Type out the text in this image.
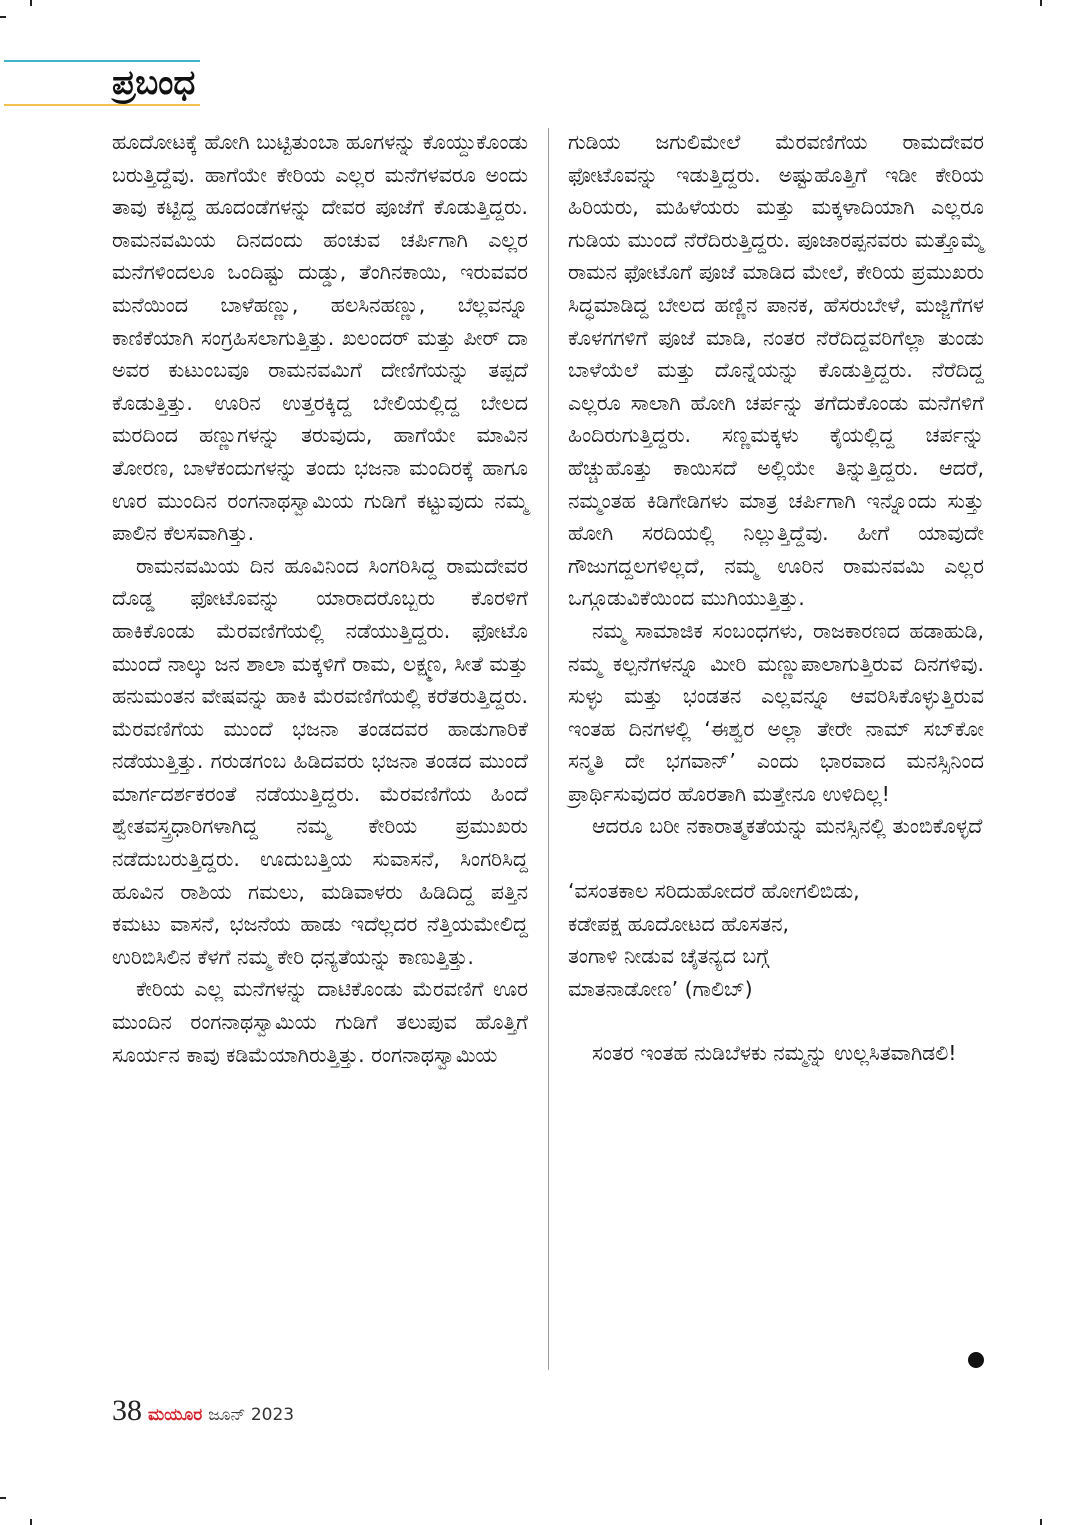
ಪ್ರಬಂಧ

ಹೂದೋಟಕ್ಕೆ ಹೋಗಿ ಬುಟ್ಟಿತುಂಬಾ ಹೂಗಳನ್ನು ಕೊಯ್ದುಕೊಂಡು ಬರುತ್ತಿದ್ದೆವು. ಹಾಗೆಯೇ ಕೇರಿಯ ಎಲ್ಲರ ಮನೆಗಳವರೂ ಅಂದು ತಾವು ಕಟ್ಟಿದ್ದ ಹೂದಂಡೆಗಳನ್ನು ದೇವರ ಪೂಜೆಗೆ ಕೊಡುತ್ತಿದ್ದರು. ರಾಮನವಮಿಯ ದಿನದಂದು ಹಂಚುವ ಚರ್ಪಿಗಾಗಿ ಎಲ್ಲರ ಮನೆಗಳಿಂದಲೂ ಒಂದಿಷ್ಟು ದುಡ್ಡು, ತೆಂಗಿನಕಾಯಿ, ಇರುವವರ ಮನೆಯಿಂದ ಬಾಳೆಹಣ್ಣು, ಹಲಸಿನಹಣ್ಣು, ಬೆಲ್ಲವನ್ನೂ ಕಾಣಿಕೆಯಾಗಿ ಸಂಗ್ರಹಿಸಲಾಗುತ್ತಿತ್ತು. ಖಲಂದರ್ ಮತ್ತು ಪೀರ್ ದಾ ಅವರ ಕುಟುಂಬವೂ ರಾಮನವಮಿಗೆ ದೇಣಿಗೆಯನ್ನು ತಪ್ಪದೆ ಕೊಡುತ್ತಿತ್ತು. ಊರಿನ ಉತ್ತರಕ್ಕಿದ್ದ ಬೇಲಿಯಲ್ಲಿದ್ದ ಬೇಲದ ಮರದಿಂದ ಹಣ್ಣುಗಳನ್ನು ತರುವುದು, ಹಾಗೆಯೇ ಮಾವಿನ ತೋರಣ, ಬಾಳೆಕಂದುಗಳನ್ನು ತಂದು ಭಜನಾ ಮಂದಿರಕ್ಕೆ ಹಾಗೂ ಊರ ಮುಂದಿನ ರಂಗನಾಥಸ್ವಾಮಿಯ ಗುಡಿಗೆ ಕಟ್ಟುವುದು ನಮ್ಮ ಪಾಲಿನ ಕೆಲಸವಾಗಿತ್ತು.

ರಾಮನವಮಿಯ ದಿನ ಹೂವಿನಿಂದ ಸಿಂಗರಿಸಿದ್ದ ರಾಮದೇವರ ದೊಡ್ಡ ಫೋಟೊವನ್ನು ಯಾರಾದರೊಬ್ಬರು ಕೊರಳಿಗೆ ಹಾಕಿಕೊಂಡು ಮೆರವಣಿಗೆಯಲ್ಲಿ ನಡೆಯುತ್ತಿದ್ದರು. ಫೋಟೊ ಮುಂದೆ ನಾಲ್ಕು ಜನ ಶಾಲಾ ಮಕ್ಕಳಿಗೆ ರಾಮ, ಲಕ್ಷ್ಮಣ, ಸೀತೆ ಮತ್ತು ಹನುಮಂತನ ವೇಷವನ್ನು ಹಾಕಿ ಮೆರವಣಿಗೆಯಲ್ಲಿ ಕರೆತರುತ್ತಿದ್ದರು. ಮೆರವಣಿಗೆಯ ಮುಂದೆ ಭಜನಾ ತಂಡದವರ ಹಾಡುಗಾರಿಕೆ ನಡೆಯುತ್ತಿತ್ತು. ಗರುಡಗಂಬ ಹಿಡಿದವರು ಭಜನಾ ತಂಡದ ಮುಂದೆ ಮಾರ್ಗದರ್ಶಕರಂತೆ ನಡೆಯುತ್ತಿದ್ದರು. ಮೆರವಣಿಗೆಯ ಹಿಂದೆ ಶ್ವೇತವಸ್ತ್ರಧಾರಿಗಳಾಗಿದ್ದ ನಮ್ಮ ಕೇರಿಯ ಪ್ರಮುಖರು ನಡೆದುಬರುತ್ತಿದ್ದರು. ಊದುಬತ್ತಿಯ ಸುವಾಸನೆ, ಸಿಂಗರಿಸಿದ್ದ ಹೂವಿನ ರಾಶಿಯ ಗಮಲು, ಮಡಿವಾಳರು ಹಿಡಿದಿದ್ದ ಪತ್ತಿನ ಕಮಟು ವಾಸನೆ, ಭಜನೆಯ ಹಾಡು ಇದೆಲ್ಲದರ ನೆತ್ತಿಯಮೇಲಿದ್ದ ಉರಿಬಿಸಿಲಿನ ಕೆಳಗೆ ನಮ್ಮ ಕೇರಿ ಧನ್ಯತೆಯನ್ನು ಕಾಣುತ್ತಿತ್ತು.

ಕೇರಿಯ ಎಲ್ಲ ಮನೆಗಳನ್ನು ದಾಟಿಕೊಂಡು ಮೆರವಣಿಗೆ ಊರ ಮುಂದಿನ ರಂಗನಾಥಸ್ವಾಮಿಯ ಗುಡಿಗೆ ತಲುಪುವ ಹೊತ್ತಿಗೆ ಸೂರ್ಯನ ಕಾವು ಕಡಿಮೆಯಾಗಿರುತ್ತಿತ್ತು. ರಂಗನಾಥಸ್ವಾಮಿಯ

ಗುಡಿಯ ಜಗುಲಿಮೇಲೆ ಮೆರವಣಿಗೆಯ ರಾಮದೇವರ ಫೋಟೊವನ್ನು ಇಡುತ್ತಿದ್ದರು. ಅಷ್ಟುಹೊತ್ತಿಗೆ ಇಡೀ ಕೇರಿಯ ಹಿರಿಯರು, ಮಹಿಳೆಯರು ಮತ್ತು ಮಕ್ಕಳಾದಿಯಾಗಿ ಎಲ್ಲರೂ ಗುಡಿಯ ಮುಂದೆ ನೆರೆದಿರುತ್ತಿದ್ದರು. ಪೂಜಾರಪ್ಪನವರು ಮತ್ತೊಮ್ಮೆ ರಾಮನ ಫೋಟೊಗೆ ಪೂಜೆ ಮಾಡಿದ ಮೇಲೆ, ಕೇರಿಯ ಪ್ರಮುಖರು ಸಿದ್ಧಮಾಡಿದ್ದ ಬೇಲದ ಹಣ್ಣಿನ ಪಾನಕ, ಹೆಸರುಬೇಳೆ, ಮಜ್ಜಿಗೆಗಳ ಕೊಳಗಗಳಿಗೆ ಪೂಜೆ ಮಾಡಿ, ನಂತರ ನೆರೆದಿದ್ದವರಿಗೆಲ್ಲಾ ತುಂಡು ಬಾಳೆಯೆಲೆ ಮತ್ತು ದೊನ್ನೆಯನ್ನು ಕೊಡುತ್ತಿದ್ದರು. ನೆರೆದಿದ್ದ ಎಲ್ಲರೂ ಸಾಲಾಗಿ ಹೋಗಿ ಚರ್ಪನ್ನು ತಗೆದುಕೊಂಡು ಮನೆಗಳಿಗೆ ಹಿಂದಿರುಗುತ್ತಿದ್ದರು. ಸಣ್ಣಮಕ್ಕಳು ಕೈಯಲ್ಲಿದ್ದ ಚರ್ಪನ್ನು ಹೆಚ್ಚುಹೊತ್ತು ಕಾಯಿಸದೆ ಅಲ್ಲಿಯೇ ತಿನ್ನುತ್ತಿದ್ದರು. ಆದರೆ, ನಮ್ಮಂತಹ ಕಿಡಿಗೇಡಿಗಳು ಮಾತ್ರ ಚರ್ಪಿಗಾಗಿ ಇನ್ನೊಂದು ಸುತ್ತು ಹೋಗಿ ಸರದಿಯಲ್ಲಿ ನಿಲ್ಲುತ್ತಿದ್ದೆವು. ಹೀಗೆ ಯಾವುದೇ ಗೌಜುಗದ್ದಲಗಳಿಲ್ಲದೆ, ನಮ್ಮ ಊರಿನ ರಾಮನವಮಿ ಎಲ್ಲರ ಒಗ್ಗೂಡುವಿಕೆಯಿಂದ ಮುಗಿಯುತ್ತಿತ್ತು.

ನಮ್ಮ ಸಾಮಾಜಿಕ ಸಂಬಂಧಗಳು, ರಾಜಕಾರಣದ ಹಡಾಹುಡಿ, ನಮ್ಮ ಕಲ್ಪನೆಗಳನ್ನೂ ಮೀರಿ ಮಣ್ಣುಪಾಲಾಗುತ್ತಿರುವ ದಿನಗಳಿವು. ಸುಳ್ಳು ಮತ್ತು ಭಂಡತನ ಎಲ್ಲವನ್ನೂ ಆವರಿಸಿಕೊಳ್ಳುತ್ತಿರುವ ಇಂತಹ ದಿನಗಳಲ್ಲಿ ‘ಈಶ್ವರ ಅಲ್ಲಾ ತೇರೇ ನಾಮ್ ಸಬ್‌ಕೋ ಸನ್ಮತಿ ದೇ ಭಗವಾನ್’ ಎಂದು ಭಾರವಾದ ಮನಸ್ಸಿನಿಂದ ಪ್ರಾರ್ಥಿಸುವುದರ ಹೊರತಾಗಿ ಮತ್ತೇನೂ ಉಳಿದಿಲ್ಲ!

ಆದರೂ ಬರೀ ನಕಾರಾತ್ಮಕತೆಯನ್ನು ಮನಸ್ಸಿನಲ್ಲಿ ತುಂಬಿಕೊಳ್ಳದೆ

‘ವಸಂತಕಾಲ ಸರಿದುಹೋದರೆ ಹೋಗಲಿಬಿಡು,
ಕಡೇಪಕ್ಷ ಹೂದೋಟದ ಹೊಸತನ,
ತಂಗಾಳಿ ನೀಡುವ ಚೈತನ್ಯದ ಬಗ್ಗೆ
ಮಾತನಾಡೋಣ’ (ಗಾಲಿಬ್)

ಸಂತರ ಇಂತಹ ನುಡಿಬೆಳಕು ನಮ್ಮನ್ನು ಉಲ್ಲಸಿತವಾಗಿಡಲಿ!

38 ಮಯೂರ ಜೂನ್ 2023
